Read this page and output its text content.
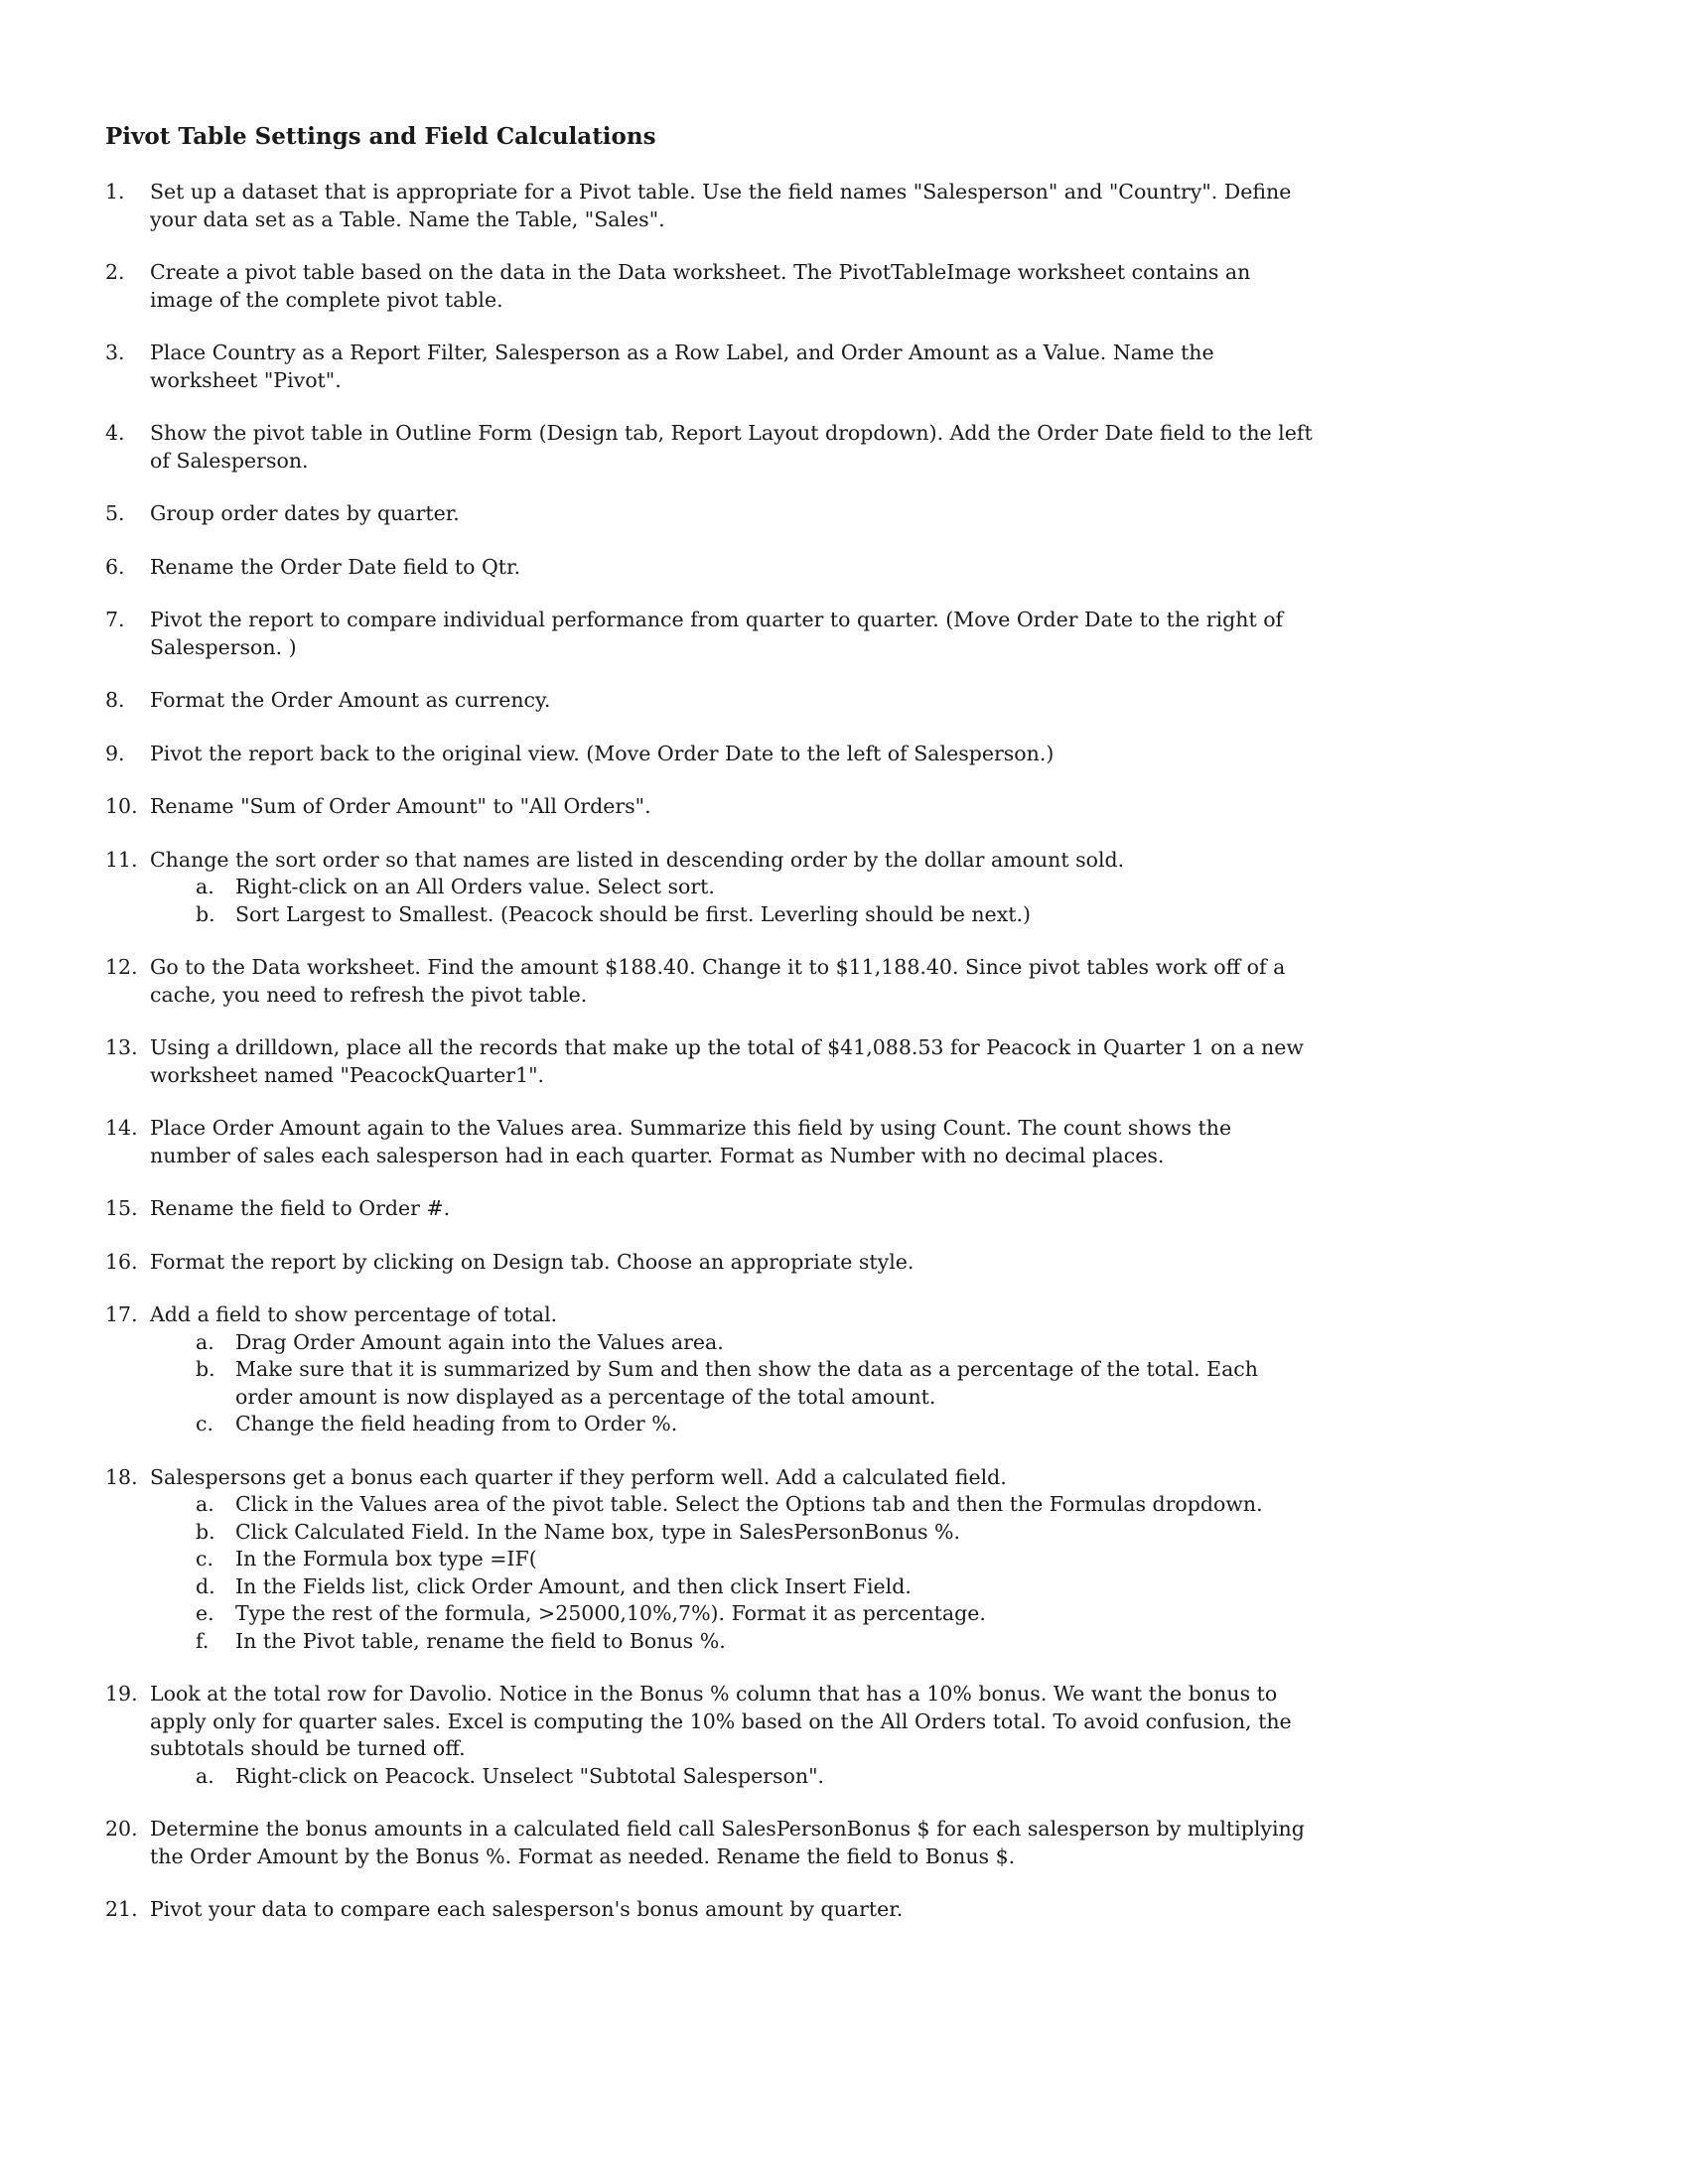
Pivot Table Settings and Field Calculations
1. Set up a dataset that is appropriate for a Pivot table. Use the field names "Salesperson" and "Country". Define your data set as a Table. Name the Table, "Sales".
2. Create a pivot table based on the data in the Data worksheet. The PivotTableImage worksheet contains an image of the complete pivot table.
3. Place Country as a Report Filter, Salesperson as a Row Label, and Order Amount as a Value. Name the worksheet "Pivot".
4. Show the pivot table in Outline Form (Design tab, Report Layout dropdown). Add the Order Date field to the left of Salesperson.
5. Group order dates by quarter.
6. Rename the Order Date field to Qtr.
7. Pivot the report to compare individual performance from quarter to quarter. (Move Order Date to the right of Salesperson. )
8. Format the Order Amount as currency.
9. Pivot the report back to the original view. (Move Order Date to the left of Salesperson.)
10. Rename "Sum of Order Amount" to "All Orders".
11. Change the sort order so that names are listed in descending order by the dollar amount sold.
a. Right-click on an All Orders value. Select sort.
b. Sort Largest to Smallest. (Peacock should be first. Leverling should be next.)
12. Go to the Data worksheet. Find the amount $188.40. Change it to $11,188.40. Since pivot tables work off of a cache, you need to refresh the pivot table.
13. Using a drilldown, place all the records that make up the total of $41,088.53 for Peacock in Quarter 1 on a new worksheet named "PeacockQuarter1".
14. Place Order Amount again to the Values area. Summarize this field by using Count. The count shows the number of sales each salesperson had in each quarter. Format as Number with no decimal places.
15. Rename the field to Order #.
16. Format the report by clicking on Design tab. Choose an appropriate style.
17. Add a field to show percentage of total.
a. Drag Order Amount again into the Values area.
b. Make sure that it is summarized by Sum and then show the data as a percentage of the total. Each order amount is now displayed as a percentage of the total amount.
c. Change the field heading from to Order %.
18. Salespersons get a bonus each quarter if they perform well. Add a calculated field.
a. Click in the Values area of the pivot table. Select the Options tab and then the Formulas dropdown.
b. Click Calculated Field. In the Name box, type in SalesPersonBonus %.
c. In the Formula box type =IF(
d. In the Fields list, click Order Amount, and then click Insert Field.
e. Type the rest of the formula, >25000,10%,7%). Format it as percentage.
f. In the Pivot table, rename the field to Bonus %.
19. Look at the total row for Davolio. Notice in the Bonus % column that has a 10% bonus. We want the bonus to apply only for quarter sales. Excel is computing the 10% based on the All Orders total. To avoid confusion, the subtotals should be turned off.
a. Right-click on Peacock. Unselect "Subtotal Salesperson".
20. Determine the bonus amounts in a calculated field call SalesPersonBonus $ for each salesperson by multiplying the Order Amount by the Bonus %. Format as needed. Rename the field to Bonus $.
21. Pivot your data to compare each salesperson's bonus amount by quarter.
